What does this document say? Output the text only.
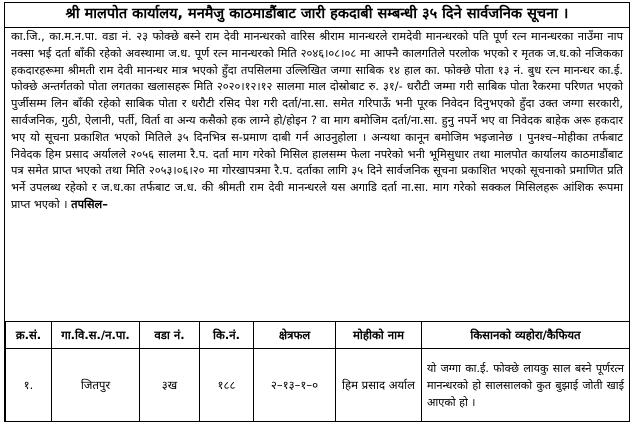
श्री मालपोत कार्यालय, मनमैजु काठमाडौंबाट जारी हकदाबी सम्बन्धी ३५ दिने सार्वजनिक सूचना ।
का.जि., का.म.न.पा. वडा नं. २३ फोक्छे बस्ने राम देवी मानन्धरको वारिस श्रीराम मानन्धरले रामदेवी मानन्धरको पति पूर्ण रत्न मानन्धरका नाउँमा नाप नक्सा भई दर्ता बाँकी रहेको अवस्थामा ज.ध. पूर्ण रत्न मानन्धरको मिति २०४६।०८।०८ मा आफ्नै कालगतिले परलोक भएको र मृतक ज.ध.को नजिकका हकदारहरूमा श्रीमती राम देवी मानन्धर मात्र भएको हुँदा तपसिलमा उल्लिखित जग्गा साबिक १४ हाल का. फोक्छे पोता १३ नं. बुध रत्न मानन्धर का.ई. फोक्छे अन्तर्गतको पोता लगतका खलासहरू मिति २०२०।१२।१२ सालमा माल दोस्रोबाट रु. ३१/- धरौटी जम्मा गरी साबिक पोता रैकरमा परिणत भएको पुर्जीसम्म लिन बाँकी रहेको साबिक पोता र धरौटी रसिद पेश गरी दर्ता/ना.सा. समेत गरिपाऊँ भनी पूरक निवेदन दिनुभएको हुँदा उक्त जग्गा सरकारी, सार्वजनिक, गुठी, ऐलानी, पर्ती, विर्ता वा अन्य कसैको हक लाग्ने हो/होइन ? वा माग बमोजिम दर्ता/ना.सा. हुनु नपर्ने भए वा निवेदक बाहेक अरू हकदार भए यो सूचना प्रकाशित भएको मितिले ३५ दिनभित्र स-प्रमाण दाबी गर्न आउनुहोला । अन्यथा कानून बमोजिम भइजानेछ । पुनश्च–मोहीका तर्फबाट निवेदक हिम प्रसाद अर्यालले २०५६ सालमा रै.प. दर्ता माग गरेको मिसिल हालसम्म फेला नपरेको भनी भूमिसुधार तथा मालपोत कार्यालय काठमाडौंबाट पत्र समेत प्राप्त भएको तथा मिति २०५३।०६।२० मा गोरखापत्रमा रै.प. दर्ताका लागि ३५ दिने सार्वजनिक सूचना प्रकाशित भएको सूचनाको प्रमाणित प्रति भर्ने उपलब्ध रहेको र ज.ध.का तर्फबाट ज.ध. की श्रीमती राम देवी मानन्धरले यस अगाडि दर्ता ना.सा. माग गरेको सक्कल मिसिलहरू आंशिक रूपमा प्राप्त भएको । तपसिल–
क्र.सं.	गा.वि.स./न.पा.	वडा नं.	कि.नं.	क्षेत्रफल	मोहीको नाम	किसानको व्यहोरा/कैफियत
१.	जितपुर	३ख	१८८	२–१३–१–०	हिम प्रसाद अर्याल	यो जग्गा का.ई. फोक्छे लायकु साल बस्ने पूर्णरत्न मानन्धरको हो सालसालको कुत बुझाई जोती खाई आएको हो ।
